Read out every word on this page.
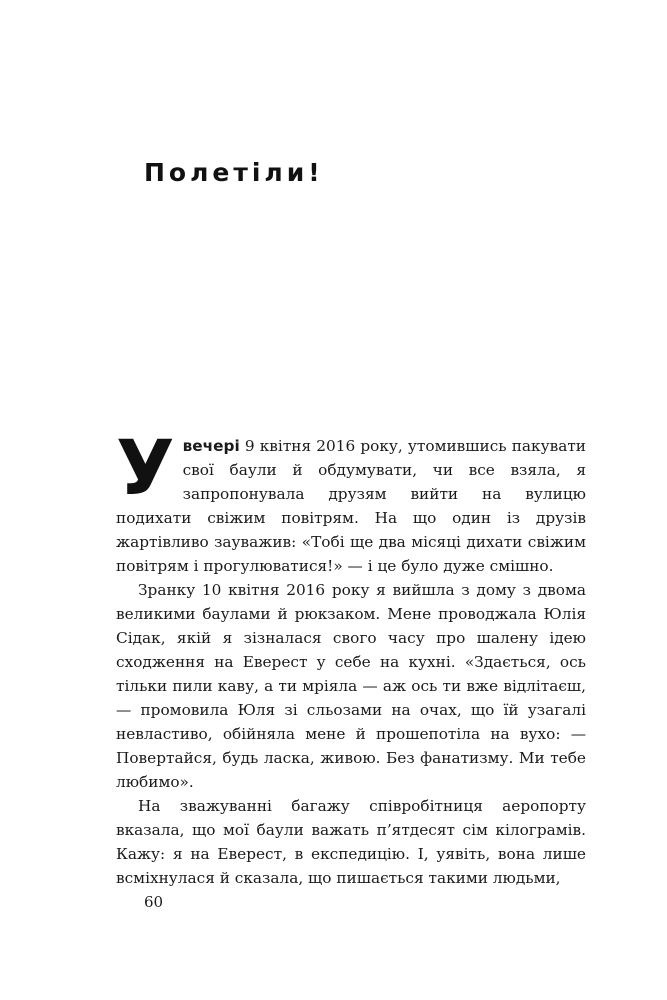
Полетіли!

Увечері 9 квітня 2016 року, утомившись пакувати свої баули й обдумувати, чи все взяла, я запропонувала друзям вийти на вулицю подихати свіжим повітрям. На що один із друзів жартівливо зауважив: «Тобі ще два місяці дихати свіжим повітрям і прогулюватися!» — і це було дуже смішно.

Зранку 10 квітня 2016 року я вийшла з дому з двома великими баулами й рюкзаком. Мене проводжала Юлія Сідак, якій я зізналася свого часу про шалену ідею сходження на Еверест у себе на кухні. «Здається, ось тільки пили каву, а ти мріяла — аж ось ти вже відлітаєш, — промовила Юля зі сльозами на очах, що їй узагалі невластиво, обійняла мене й прошепотіла на вухо: — Повертайся, будь ласка, живою. Без фанатизму. Ми тебе любимо».

На зважуванні багажу співробітниця аеропорту вказала, що мої баули важать п’ятдесят сім кілограмів. Кажу: я на Еверест, в експедицію. І, уявіть, вона лише всміхнулася й сказала, що пишається такими людьми,

60
